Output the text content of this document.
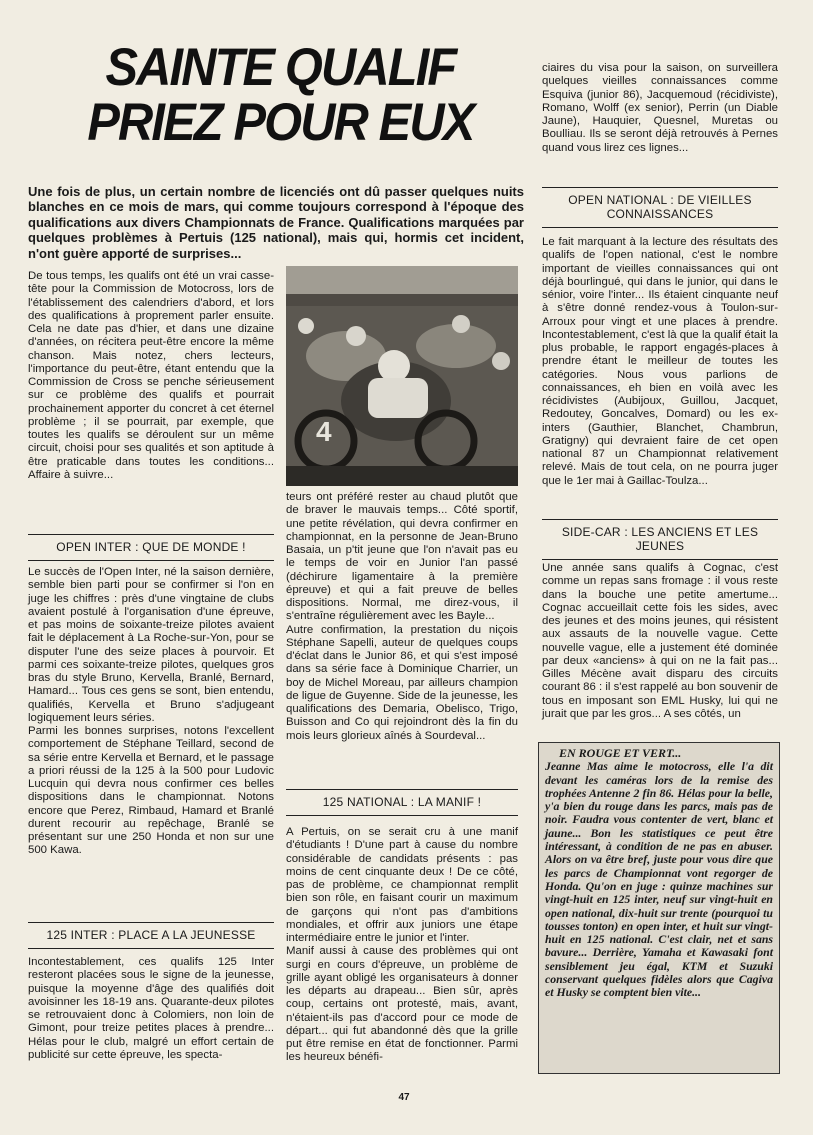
SAINTE QUALIF
PRIEZ POUR EUX
Une fois de plus, un certain nombre de licenciés ont dû passer quelques nuits blanches en ce mois de mars, qui comme toujours correspond à l'époque des qualifications aux divers Championnats de France. Qualifications marquées par quelques problèmes à Pertuis (125 national), mais qui, hormis cet incident, n'ont guère apporté de surprises...

De tous temps, les qualifs ont été un vrai casse-tête pour la Commission de Motocross, lors de l'établissement des calendriers d'abord, et lors des qualifications à proprement parler ensuite. Cela ne date pas d'hier, et dans une dizaine d'années, on récitera peut-être encore la même chanson. Mais notez, chers lecteurs, l'importance du peut-être, étant entendu que la Commission de Cross se penche sérieusement sur ce problème des qualifs et pourrait prochainement apporter du concret à cet éternel problème ; il se pourrait, par exemple, que toutes les qualifs se déroulent sur un même circuit, choisi pour ses qualités et son aptitude à être praticable dans toutes les conditions... Affaire à suivre...

OPEN INTER : QUE DE MONDE !

Le succès de l'Open Inter, né la saison dernière, semble bien parti pour se confirmer si l'on en juge les chiffres : près d'une vingtaine de clubs avaient postulé à l'organisation d'une épreuve, et pas moins de soixante-treize pilotes avaient fait le déplacement à La Roche-sur-Yon, pour se disputer l'une des seize places à pourvoir. Et parmi ces soixante-treize pilotes, quelques gros bras du style Bruno, Kervella, Branlé, Bernard, Hamard... Tous ces gens se sont, bien entendu, qualifiés, Kervella et Bruno s'adjugeant logiquement leurs séries.

Parmi les bonnes surprises, notons l'excellent comportement de Stéphane Teillard, second de sa série entre Kervella et Bernard, et le passage a priori réussi de la 125 à la 500 pour Ludovic Lucquin qui devra nous confirmer ces belles dispositions dans le championnat. Notons encore que Perez, Rimbaud, Hamard et Branlé durent recourir au repêchage, Branlé se présentant sur une 250 Honda et non sur une 500 Kawa.

125 INTER : PLACE A LA JEUNESSE

Incontestablement, ces qualifs 125 Inter resteront placées sous le signe de la jeunesse, puisque la moyenne d'âge des qualifiés doit avoisinner les 18-19 ans. Quarante-deux pilotes se retrouvaient donc à Colomiers, non loin de Gimont, pour treize petites places à prendre... Hélas pour le club, malgré un effort certain de publicité sur cette épreuve, les specta-

4

teurs ont préféré rester au chaud plutôt que de braver le mauvais temps... Côté sportif, une petite révélation, qui devra confirmer en championnat, en la personne de Jean-Bruno Basaia, un p'tit jeune que l'on n'avait pas eu le temps de voir en Junior l'an passé (déchirure ligamentaire à la première épreuve) et qui a fait preuve de belles dispositions. Normal, me direz-vous, il s'entraîne régulièrement avec les Bayle...

Autre confirmation, la prestation du niçois Stéphane Sapelli, auteur de quelques coups d'éclat dans le Junior 86, et qui s'est imposé dans sa série face à Dominique Charrier, un boy de Michel Moreau, par ailleurs champion de ligue de Guyenne. Side de la jeunesse, les qualifications des Demaria, Obelisco, Trigo, Buisson and Co qui rejoindront dès la fin du mois leurs glorieux aînés à Sourdeval...

125 NATIONAL : LA MANIF !

A Pertuis, on se serait cru à une manif d'étudiants ! D'une part à cause du nombre considérable de candidats présents : pas moins de cent cinquante deux ! De ce côté, pas de problème, ce championnat remplit bien son rôle, en faisant courir un maximum de garçons qui n'ont pas d'ambitions mondiales, et offrir aux juniors une étape intermédiaire entre le junior et l'inter.

Manif aussi à cause des problèmes qui ont surgi en cours d'épreuve, un problème de grille ayant obligé les organisateurs à donner les départs au drapeau... Bien sûr, après coup, certains ont protesté, mais, avant, n'étaient-ils pas d'accord pour ce mode de départ... qui fut abandonné dès que la grille put être remise en état de fonctionner. Parmi les heureux bénéfi-

ciaires du visa pour la saison, on surveillera quelques vieilles connaissances comme Esquiva (junior 86), Jacquemoud (récidiviste), Romano, Wolff (ex senior), Perrin (un Diable Jaune), Hauquier, Quesnel, Muretas ou Boulliau. Ils se seront déjà retrouvés à Pernes quand vous lirez ces lignes...

OPEN NATIONAL : DE VIEILLES CONNAISSANCES

Le fait marquant à la lecture des résultats des qualifs de l'open national, c'est le nombre important de vieilles connaissances qui ont déjà bourlingué, qui dans le junior, qui dans le sénior, voire l'inter... Ils étaient cinquante neuf à s'être donné rendez-vous à Toulon-sur-Arroux pour vingt et une places à prendre. Incontestablement, c'est là que la qualif était la plus probable, le rapport engagés-places à prendre étant le meilleur de toutes les catégories. Nous vous parlions de connaissances, eh bien en voilà avec les récidivistes (Aubijoux, Guillou, Jacquet, Redoutey, Goncalves, Domard) ou les ex-inters (Gauthier, Blanchet, Chambrun, Gratigny) qui devraient faire de cet open national 87 un Championnat relativement relevé. Mais de tout cela, on ne pourra juger que le 1er mai à Gaillac-Toulza...

SIDE-CAR : LES ANCIENS ET LES JEUNES

Une année sans qualifs à Cognac, c'est comme un repas sans fromage : il vous reste dans la bouche une petite amertume... Cognac accueillait cette fois les sides, avec des jeunes et des moins jeunes, qui résistent aux assauts de la nouvelle vague. Cette nouvelle vague, elle a justement été dominée par deux «anciens» à qui on ne la fait pas... Gilles Mécène avait disparu des circuits courant 86 : il s'est rappelé au bon souvenir de tous en imposant son EML Husky, lui qui ne jurait que par les gros... A ses côtés, un

EN ROUGE ET VERT...
Jeanne Mas aime le motocross, elle l'a dit devant les caméras lors de la remise des trophées Antenne 2 fin 86. Hélas pour la belle, y'a bien du rouge dans les parcs, mais pas de noir. Faudra vous contenter de vert, blanc et jaune... Bon les statistiques ce peut être intéressant, à condition de ne pas en abuser. Alors on va être bref, juste pour vous dire que les parcs de Championnat vont regorger de Honda. Qu'on en juge : quinze machines sur vingt-huit en 125 inter, neuf sur vingt-huit en open national, dix-huit sur trente (pourquoi tu tousses tonton) en open inter, et huit sur vingt-huit en 125 national. C'est clair, net et sans bavure... Derrière, Yamaha et Kawasaki font sensiblement jeu égal, KTM et Suzuki conservant quelques fidèles alors que Cagiva et Husky se comptent bien vite...
47
